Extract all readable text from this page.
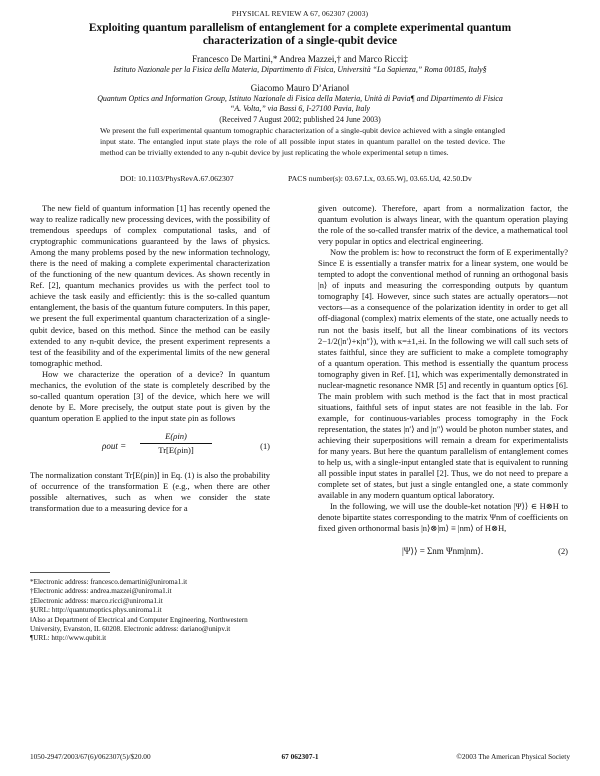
PHYSICAL REVIEW A 67, 062307 (2003)
Exploiting quantum parallelism of entanglement for a complete experimental quantum
characterization of a single-qubit device
Francesco De Martini,* Andrea Mazzei,† and Marco Ricci‡
Istituto Nazionale per la Fisica della Materia, Dipartimento di Fisica, Università “La Sapienza,” Roma 00185, Italy§
Giacomo Mauro D’Ariano‖
Quantum Optics and Information Group, Istituto Nazionale di Fisica della Materia, Unità di Pavia¶ and Dipartimento di Fisica
“A. Volta,” via Bassi 6, I-27100 Pavia, Italy
(Received 7 August 2002; published 24 June 2003)
We present the full experimental quantum tomographic characterization of a single-qubit device achieved with a single entangled input state. The entangled input state plays the role of all possible input states in quantum parallel on the tested device. The method can be trivially extended to any n-qubit device by just replicating the whole experimental setup n times.
DOI: 10.1103/PhysRevA.67.062307	PACS number(s): 03.67.Lx, 03.65.Wj, 03.65.Ud, 42.50.Dv

The new field of quantum information [1] has recently opened the way to realize radically new processing devices, with the possibility of tremendous speedups of complex computational tasks, and of cryptographic communications guaranteed by the laws of physics. Among the many problems posed by the new information technology, there is the need of making a complete experimental characterization of the functioning of the new quantum devices. As shown recently in Ref. [2], quantum mechanics provides us with the perfect tool to achieve the task easily and efficiently: this is the so-called quantum entanglement, the basis of the quantum future computers. In this paper, we present the full experimental quantum characterization of a single-qubit device, based on this method. Since the method can be easily extended to any n-qubit device, the present experiment represents a test of the feasibility and of the experimental limits of the new general tomographic method.

How we characterize the operation of a device? In quantum mechanics, the evolution of the state is completely described by the so-called quantum operation [3] of the device, which here we will denote by E. More precisely, the output state ρout is given by the quantum operation E applied to the input state ρin as follows

ρout =
E(ρin)
Tr[E(ρin)]	(1)

The normalization constant Tr[E(ρin)] in Eq. (1) is also the probability of occurrence of the transformation E (e.g., when there are other possible alternatives, such as when we consider the state transformation due to a measuring device for a

*Electronic address: francesco.demartini@uniroma1.it
†Electronic address: andrea.mazzei@uniroma1.it
‡Electronic address: marco.ricci@uniroma1.it
§URL: http://quantumoptics.phys.uniroma1.it
‖Also at Department of Electrical and Computer Engineering, Northwestern University, Evanston, IL 60208. Electronic address: dariano@unipv.it
¶URL: http://www.qubit.it

given outcome). Therefore, apart from a normalization factor, the quantum evolution is always linear, with the quantum operation playing the role of the so-called transfer matrix of the device, a mathematical tool very popular in optics and electrical engineering.

Now the problem is: how to reconstruct the form of E experimentally? Since E is essentially a transfer matrix for a linear system, one would be tempted to adopt the conventional method of running an orthogonal basis |n⟩ of inputs and measuring the corresponding outputs by quantum tomography [4]. However, since such states are actually operators—not vectors—as a consequence of the polarization identity in order to get all off-diagonal (complex) matrix elements of the state, one actually needs to run not the basis itself, but all the linear combinations of its vectors 2−1/2(|n′⟩+κ|n″⟩), with κ=±1,±i. In the following we will call such sets of states faithful, since they are sufficient to make a complete tomography of a quantum operation. This method is essentially the quantum process tomography given in Ref. [1], which was experimentally demonstrated in nuclear-magnetic resonance NMR [5] and recently in quantum optics [6]. The main problem with such method is the fact that in most practical situations, faithful sets of input states are not feasible in the lab. For example, for continuous-variables process tomography in the Fock representation, the states |n′⟩ and |n″⟩ would be photon number states, and achieving their superpositions will remain a dream for experimentalists for many years. But here the quantum parallelism of entanglement comes to help us, with a single-input entangled state that is equivalent to running all possible input states in parallel [2]. Thus, we do not need to prepare a complete set of states, but just a single entangled one, a state commonly available in any modern quantum optical laboratory.

In the following, we will use the double-ket notation |Ψ⟩⟩ ∈ H⊗H to denote bipartite states corresponding to the matrix Ψnm of coefficients on fixed given orthonormal basis |n⟩⊗|m⟩ ≡ |nm⟩ of H⊗H,

|Ψ⟩⟩ = Σnm Ψnm|nm⟩.	(2)
1050-2947/2003/67(6)/062307(5)/$20.00	67 062307-1	©2003 The American Physical Society
